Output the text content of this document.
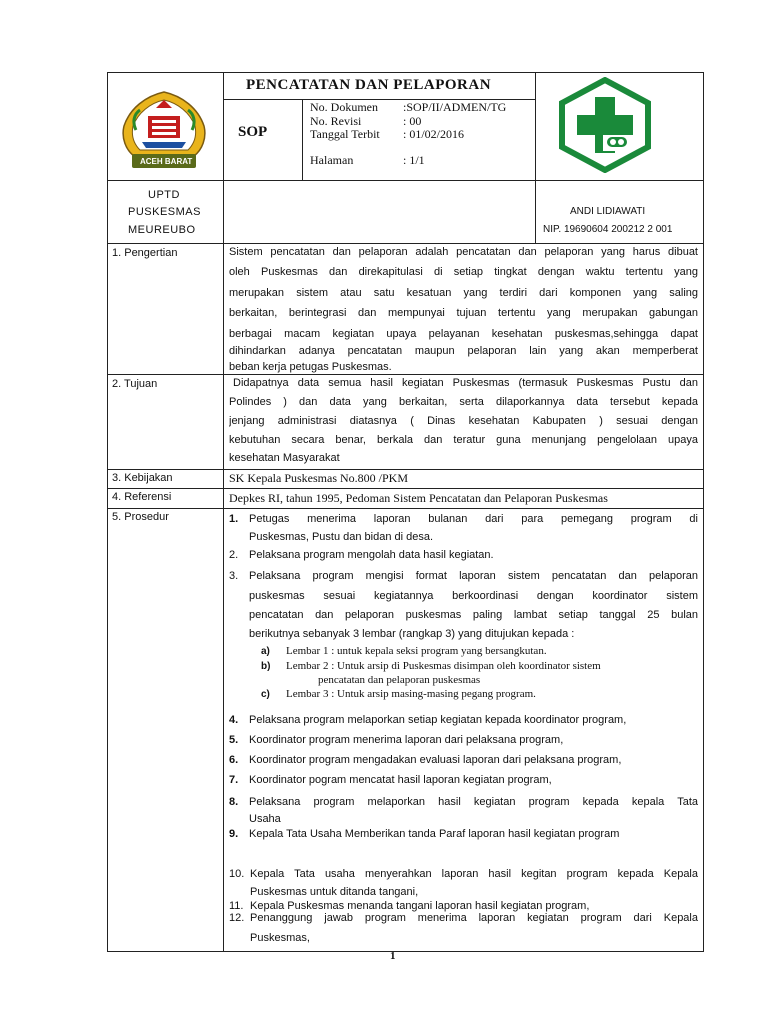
ACEH BARAT
PENCATATAN DAN PELAPORAN
SOP
No. Dokumen :SOP/II/ADMEN/TG
No. Revisi	: 00
Tanggal Terbit : 01/02/2016
Halaman	: 1/1
UPTD
PUSKESMAS
MEUREUBO
ANDI LIDIAWATI
NIP. 19690604 200212 2 001
1. Pengertian	Sistem pencatatan dan pelaporan adalah pencatatan dan pelaporan yang harus dibuat
oleh Puskesmas dan direkapitulasi di setiap tingkat dengan waktu tertentu yang
merupakan sistem atau satu kesatuan yang terdiri dari komponen yang saling
berkaitan, berintegrasi dan mempunyai tujuan tertentu yang merupakan gabungan
berbagai macam kegiatan upaya pelayanan kesehatan puskesmas,sehingga dapat
dihindarkan adanya pencatatan maupun pelaporan lain yang akan memperberat
beban kerja petugas Puskesmas.
2. Tujuan	Didapatnya data semua hasil kegiatan Puskesmas (termasuk Puskesmas Pustu dan
Polindes ) dan data yang berkaitan, serta dilaporkannya data tersebut kepada
jenjang administrasi diatasnya ( Dinas kesehatan Kabupaten ) sesuai dengan
kebutuhan secara benar, berkala dan teratur guna menunjang pengelolaan upaya
kesehatan Masyarakat
3. Kebijakan	SK Kepala Puskesmas No.800 /PKM
4. Referensi	Depkes RI, tahun 1995, Pedoman Sistem Pencatatan dan Pelaporan Puskesmas
5. Prosedur	1. Petugas menerima laporan bulanan dari para pemegang program di
Puskesmas, Pustu dan bidan di desa.
2. Pelaksana program mengolah data hasil kegiatan.
3. Pelaksana program mengisi format laporan sistem pencatatan dan pelaporan
puskesmas sesuai kegiatannya berkoordinasi dengan koordinator sistem
pencatatan dan pelaporan puskesmas paling lambat setiap tanggal 25 bulan
berikutnya sebanyak 3 lembar (rangkap 3) yang ditujukan kepada :
a) Lembar 1 : untuk kepala seksi program yang bersangkutan.
b) Lembar 2 : Untuk arsip di Puskesmas disimpan oleh koordinator sistem
pencatatan dan pelaporan puskesmas
c) Lembar 3 : Untuk arsip masing-masing pegang program.
4. Pelaksana program melaporkan setiap kegiatan kepada koordinator program,
5. Koordinator program menerima laporan dari pelaksana program,
6. Koordinator program mengadakan evaluasi laporan dari pelaksana program,
7. Koordinator pogram mencatat hasil laporan kegiatan program,
8. Pelaksana program melaporkan hasil kegiatan program kepada kepala Tata
Usaha
9. Kepala Tata Usaha Memberikan tanda Paraf laporan hasil kegiatan program
10. Kepala Tata usaha menyerahkan laporan hasil kegitan program kepada Kepala
Puskesmas untuk ditanda tangani,
11. Kepala Puskesmas menanda tangani laporan hasil kegiatan program,
12. Penanggung jawab program menerima laporan kegiatan program dari Kepala
Puskesmas,
1
